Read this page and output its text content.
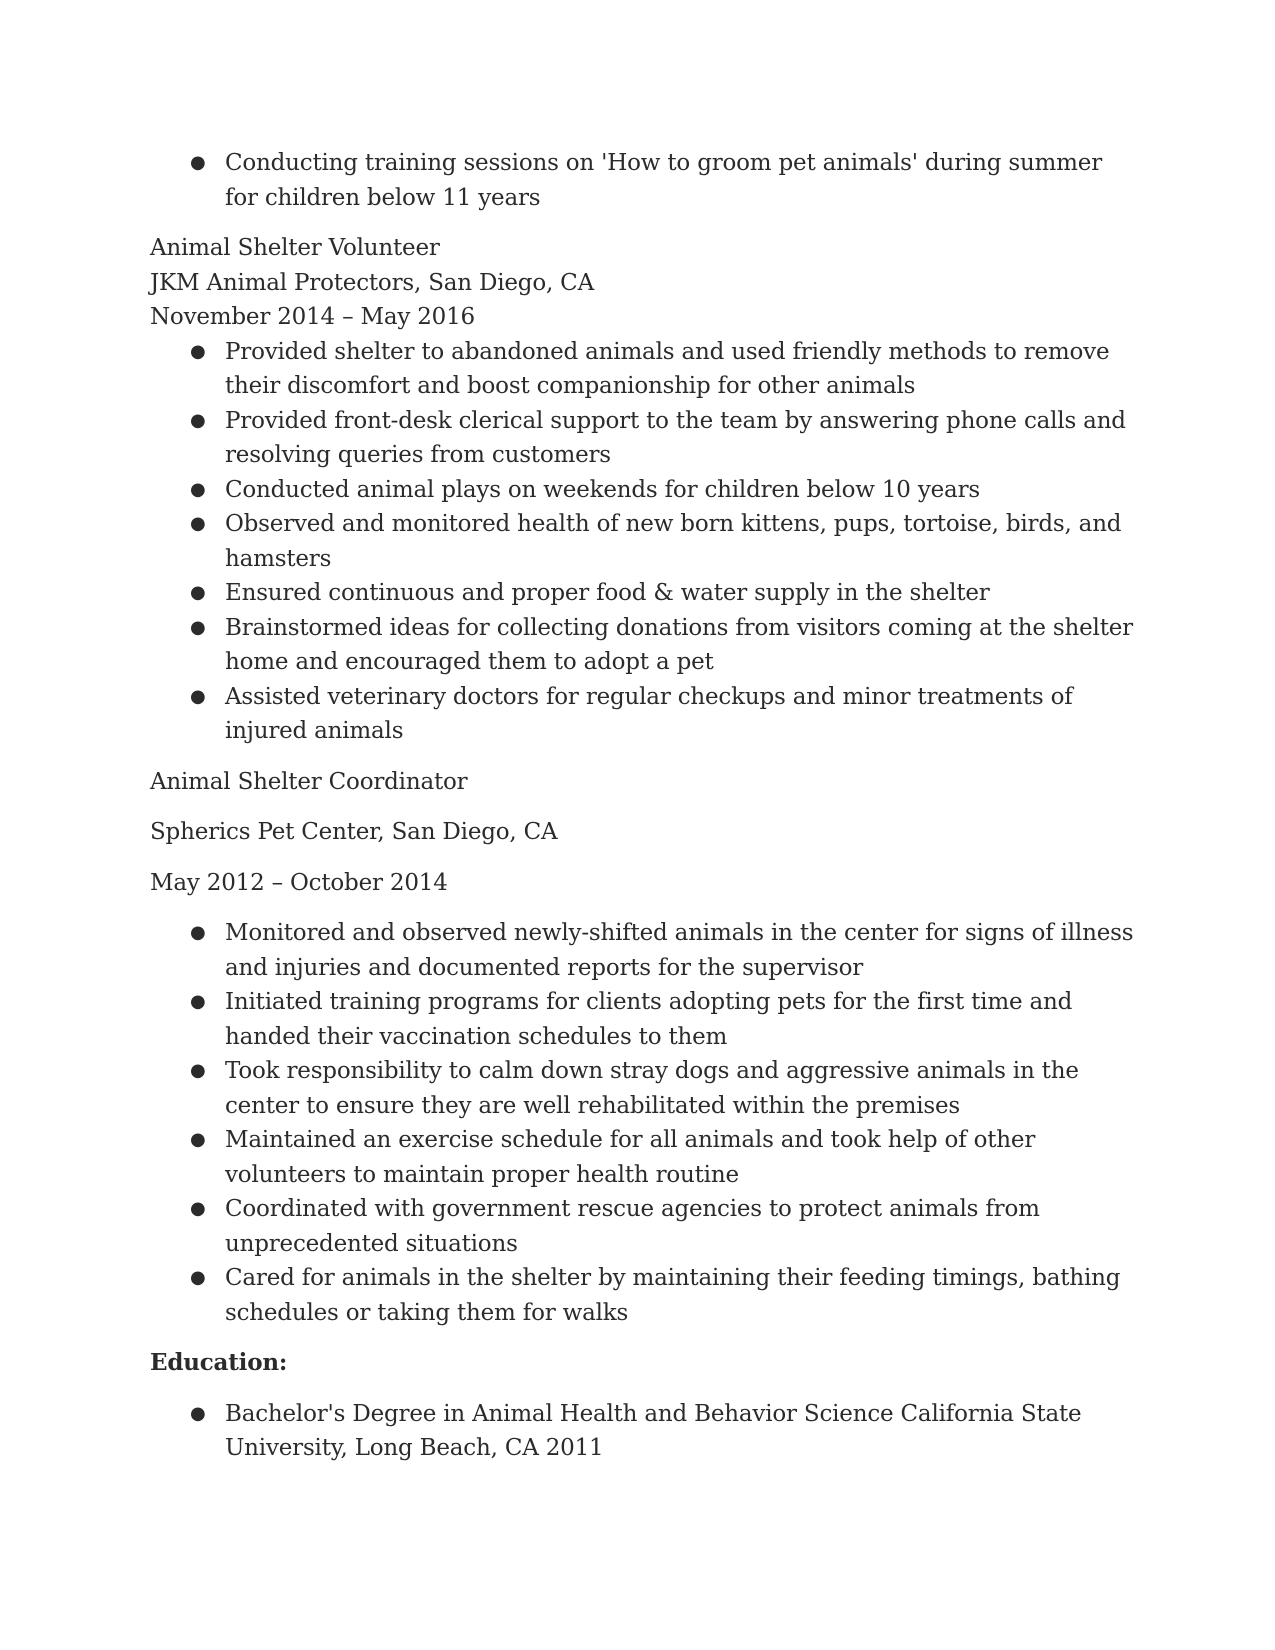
● Conducting training sessions on 'How to groom pet animals' during summer for children below 11 years
Animal Shelter Volunteer
JKM Animal Protectors, San Diego, CA
November 2014 – May 2016
● Provided shelter to abandoned animals and used friendly methods to remove their discomfort and boost companionship for other animals
● Provided front-desk clerical support to the team by answering phone calls and resolving queries from customers
● Conducted animal plays on weekends for children below 10 years
● Observed and monitored health of new born kittens, pups, tortoise, birds, and hamsters
● Ensured continuous and proper food & water supply in the shelter
● Brainstormed ideas for collecting donations from visitors coming at the shelter home and encouraged them to adopt a pet
● Assisted veterinary doctors for regular checkups and minor treatments of injured animals
Animal Shelter Coordinator
Spherics Pet Center, San Diego, CA
May 2012 – October 2014
● Monitored and observed newly-shifted animals in the center for signs of illness and injuries and documented reports for the supervisor
● Initiated training programs for clients adopting pets for the first time and handed their vaccination schedules to them
● Took responsibility to calm down stray dogs and aggressive animals in the center to ensure they are well rehabilitated within the premises
● Maintained an exercise schedule for all animals and took help of other volunteers to maintain proper health routine
● Coordinated with government rescue agencies to protect animals from unprecedented situations
● Cared for animals in the shelter by maintaining their feeding timings, bathing schedules or taking them for walks
Education:
● Bachelor's Degree in Animal Health and Behavior Science California State University, Long Beach, CA 2011
